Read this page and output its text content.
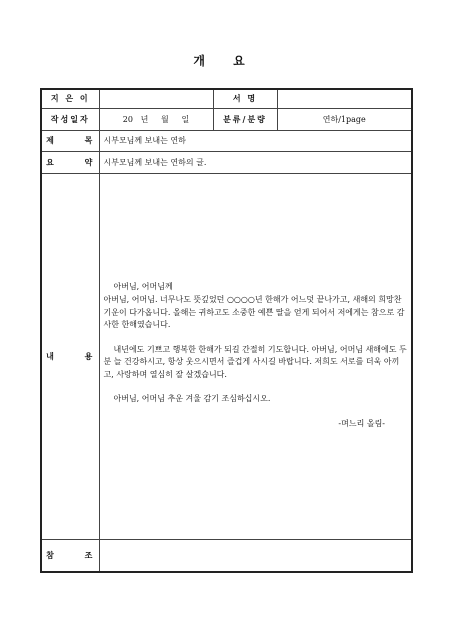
개 요
지 은 이		서 명	
작성일자	20   년     월     일	분류/분량	연하/1page
제      목	시부모님께 보내는 연하		
요      약	시부모님께 보내는 연하의 글.		
내      용	아버님, 어머님께

아버님, 어머님. 너무나도 뜻깊었던 ○○○○년 한해가 어느덧 끝나가고, 새해의 희망찬 기운이 다가옵니다. 올해는 귀하고도 소중한 예쁜 딸을 얻게 되어서 저에게는 참으로 감사한 한해였습니다.

내년에도 기쁘고 행복한 한해가 되길 간절히 기도합니다. 아버님, 어머님 새해에도 두 분 늘 건강하시고, 항상 웃으시면서 즐겁게 사시길 바랍니다. 저희도 서로를 더욱 아끼고, 사랑하며 열심히 잘 살겠습니다.

아버님, 어머님 추운 겨울 감기 조심하십시오.

-며느리 올림-		

참      조			
